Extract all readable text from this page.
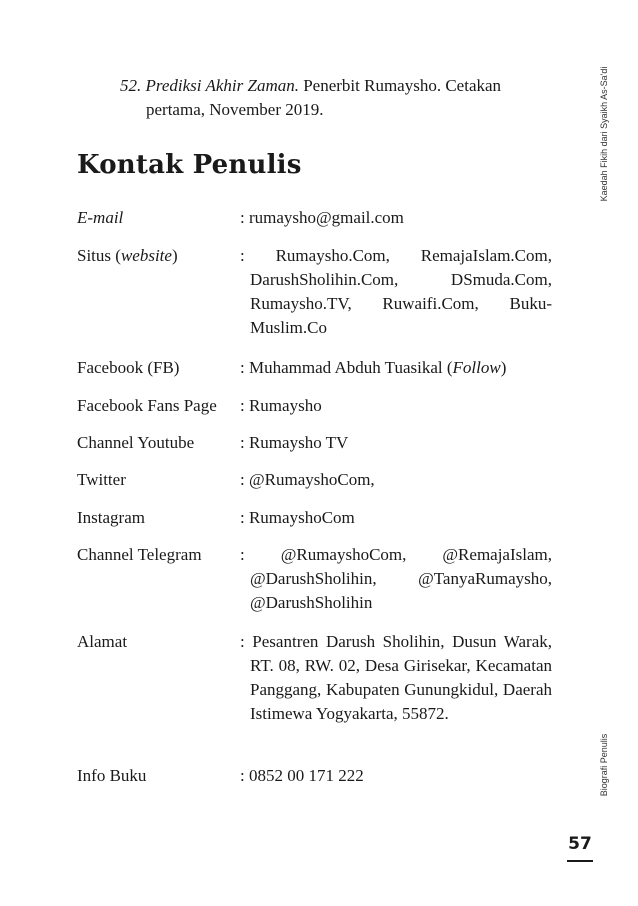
52. Prediksi Akhir Zaman. Penerbit Rumaysho. Cetakan
pertama, November 2019.
Kontak Penulis
E-mail	: rumaysho@gmail.com
Situs (website)	: Rumaysho.Com, RemajaIslam.Com, DarushSholihin.Com, DSmuda.Com, Rumaysho.TV, Ruwaifi.Com, Buku-Muslim.Co
Facebook (FB)	: Muhammad Abduh Tuasikal (Follow)
Facebook Fans Page : Rumaysho
Channel Youtube	: Rumaysho TV
Twitter	: @RumayshoCom,
Instagram	: RumayshoCom
Channel Telegram : @RumayshoCom, @RemajaIslam, @DarushSholihin, @TanyaRumaysho, @DarushSholihin
Alamat	: Pesantren Darush Sholihin, Dusun Warak, RT. 08, RW. 02, Desa Girisekar, Kecamatan Panggang, Kabupaten Gunungkidul, Daerah Istimewa Yogyakarta, 55872.
Info Buku	: 0852 00 171 222
Kaedah Fikih dari Syaikh As-Sa'di
Biografi Penulis
57
